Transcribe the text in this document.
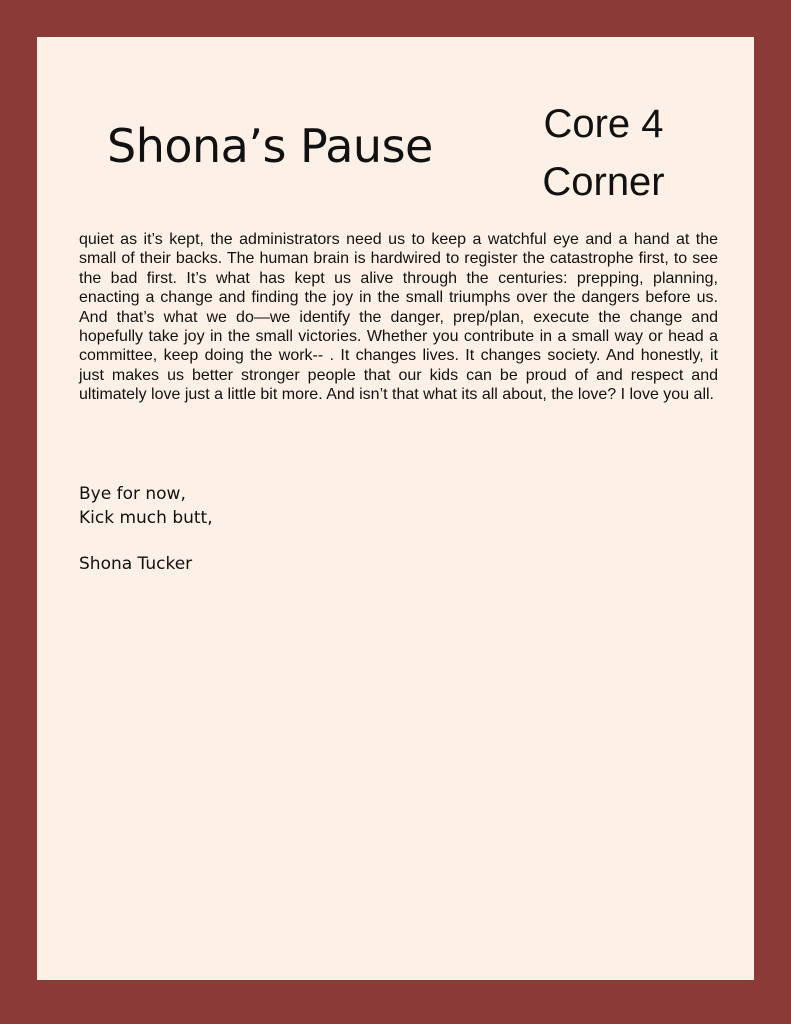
Shona’s Pause	Core 4
Corner

quiet as it’s kept, the administrators need us to keep a watchful eye and a hand at the small of their backs. The human brain is hardwired to register the catastrophe first, to see the bad first. It’s what has kept us alive through the centuries: prepping, planning, enacting a change and finding the joy in the small triumphs over the dangers before us. And that’s what we do—we identify the danger, prep/plan, execute the change and hopefully take joy in the small victories. Whether you contribute in a small way or head a committee, keep doing the work-- . It changes lives. It changes society. And honestly, it just makes us better stronger people that our kids can be proud of and respect and ultimately love just a little bit more. And isn’t that what its all about, the love? I love you all.

Bye for now,
Kick much butt,
Shona Tucker
